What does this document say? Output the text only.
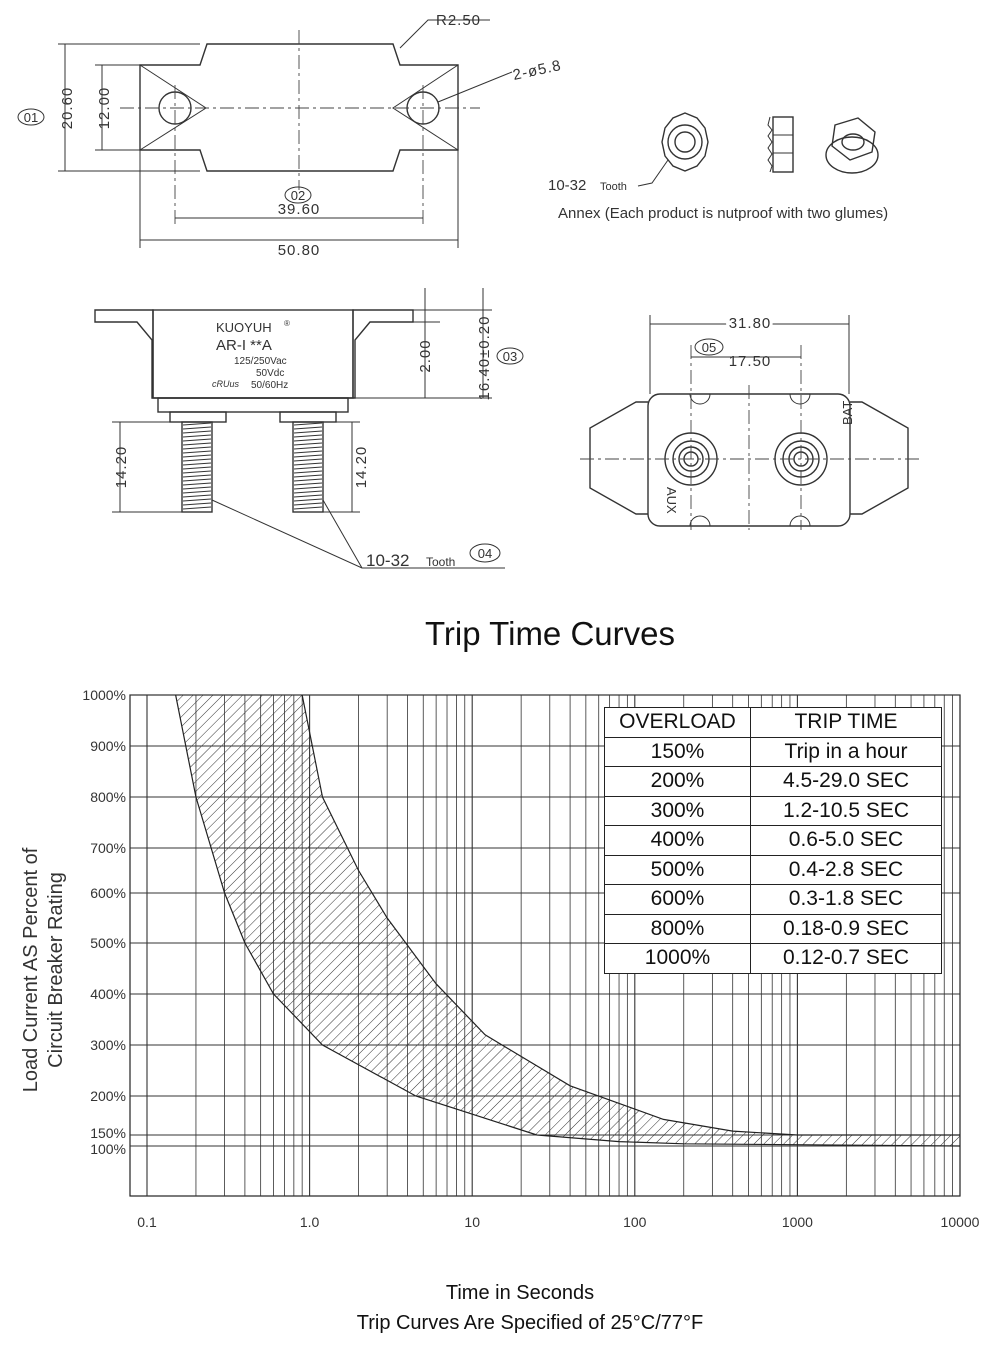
R2.50
2-ø5.8
20.60 12.00
01
39.60
02
50.80
10-32 Tooth
Annex (Each product is nutproof with two glumes)
KUOYUH ®
AR-I **A
125/250Vac
50Vdc
50/60Hz
cRUus
2.00	16.40±0.20 03
14.20	14.20
10-32 Tooth
04
BAT
AUX
31.80
17.50
05
Trip Time Curves
100%
150%
200%
300%
400%
500%
600%
700%
800%
900%
1000%
0.1	1.0	10	100	1000	10000
Load Current AS Percent of Circuit Breaker Rating
OVERLOAD	TRIP TIME
150%	Trip in a hour
200%	4.5-29.0 SEC
300%	1.2-10.5 SEC
400%	0.6-5.0 SEC
500%	0.4-2.8 SEC
600%	0.3-1.8 SEC
800%	0.18-0.9 SEC
1000%	0.12-0.7 SEC
Time in Seconds
Trip Curves Are Specified of 25°C/77°F
